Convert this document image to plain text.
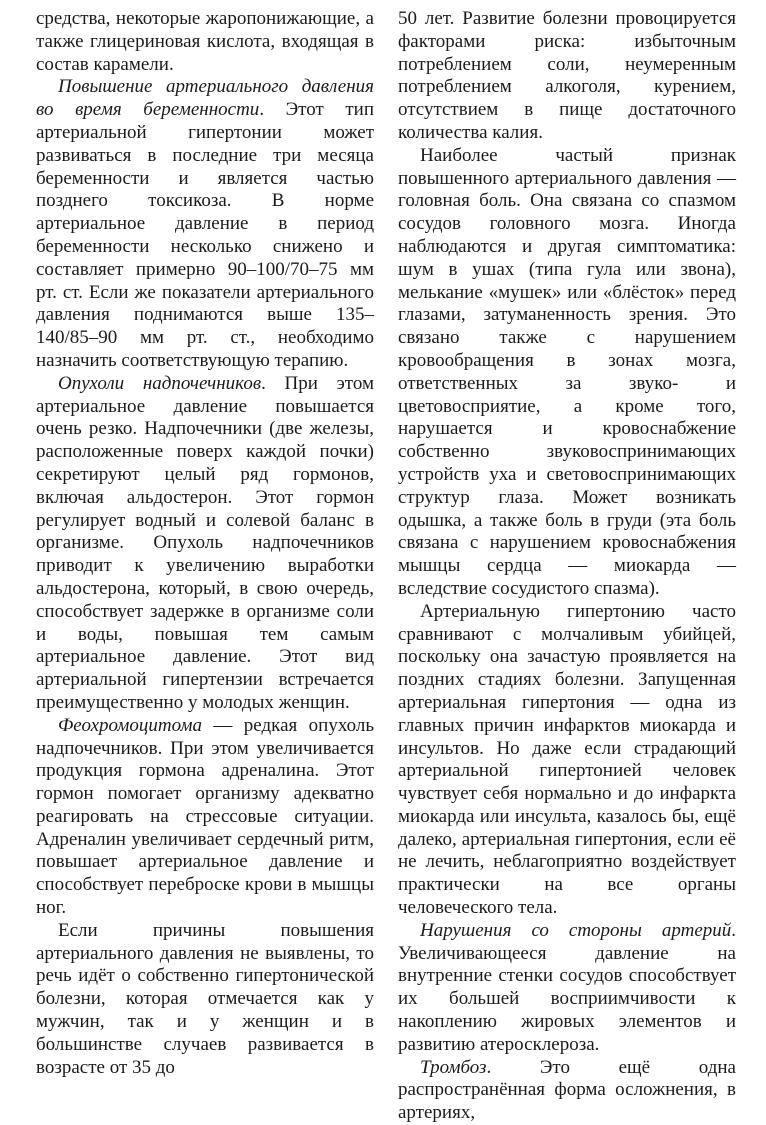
средства, некоторые жаропонижающие, а также глицериновая кислота, входящая в состав карамели.

Повышение артериального давления во время беременности. Этот тип артериальной гипертонии может развиваться в последние три месяца беременности и является частью позднего токсикоза. В норме артериальное давление в период беременности несколько снижено и составляет примерно 90–100/70–75 мм рт. ст. Если же показатели артериального давления поднимаются выше 135–140/85–90 мм рт. ст., необходимо назначить соответствующую терапию.

Опухоли надпочечников. При этом артериальное давление повышается очень резко. Надпочечники (две железы, расположенные поверх каждой почки) секретируют целый ряд гормонов, включая альдостерон. Этот гормон регулирует водный и солевой баланс в организме. Опухоль надпочечников приводит к увеличению выработки альдостерона, который, в свою очередь, способствует задержке в организме соли и воды, повышая тем самым артериальное давление. Этот вид артериальной гипертензии встречается преимущественно у молодых женщин.

Феохромоцитома — редкая опухоль надпочечников. При этом увеличивается продукция гормона адреналина. Этот гормон помогает организму адекватно реагировать на стрессовые ситуации. Адреналин увеличивает сердечный ритм, повышает артериальное давление и способствует переброске крови в мышцы ног.

Если причины повышения артериального давления не выявлены, то речь идёт о собственно гипертонической болезни, которая отмечается как у мужчин, так и у женщин и в большинстве случаев развивается в возрасте от 35 до

50 лет. Развитие болезни провоцируется факторами риска: избыточным потреблением соли, неумеренным потреблением алкоголя, курением, отсутствием в пище достаточного количества калия.

Наиболее частый признак повышенного артериального давления — головная боль. Она связана со спазмом сосудов головного мозга. Иногда наблюдаются и другая симптоматика: шум в ушах (типа гула или звона), мелькание «мушек» или «блёсток» перед глазами, затуманенность зрения. Это связано также с нарушением кровообращения в зонах мозга, ответственных за звуко- и цветовосприятие, а кроме того, нарушается и кровоснабжение собственно звуковоспринимающих устройств уха и световоспринимающих структур глаза. Может возникать одышка, а также боль в груди (эта боль связана с нарушением кровоснабжения мышцы сердца — миокарда — вследствие сосудистого спазма).

Артериальную гипертонию часто сравнивают с молчаливым убийцей, поскольку она зачастую проявляется на поздних стадиях болезни. Запущенная артериальная гипертония — одна из главных причин инфарктов миокарда и инсультов. Но даже если страдающий артериальной гипертонией человек чувствует себя нормально и до инфаркта миокарда или инсульта, казалось бы, ещё далеко, артериальная гипертония, если её не лечить, неблагоприятно воздействует практически на все органы человеческого тела.

Нарушения со стороны артерий. Увеличивающееся давление на внутренние стенки сосудов способствует их большей восприимчивости к накоплению жировых элементов и развитию атеросклероза.

Тромбоз. Это ещё одна распространённая форма осложнения, в артериях,
